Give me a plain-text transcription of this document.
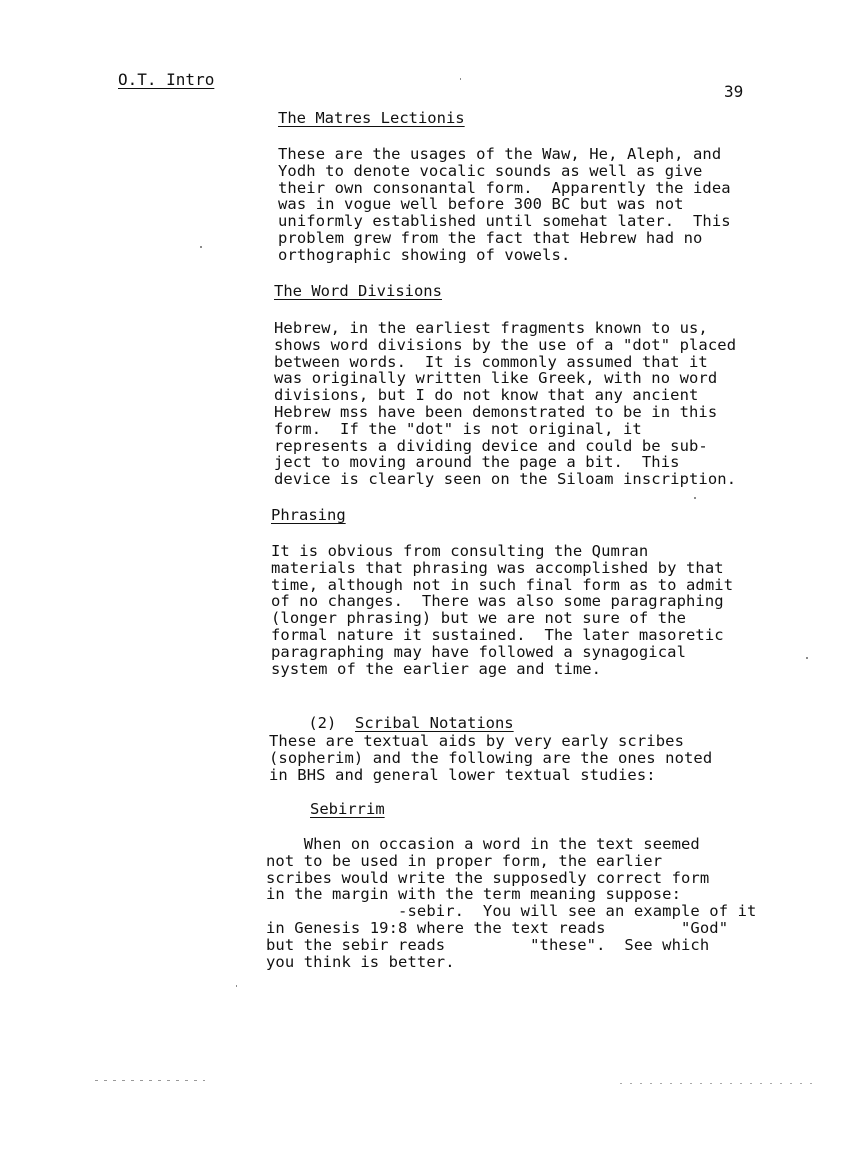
O.T. Intro
39
The Matres Lectionis
These are the usages of the Waw, He, Aleph, and
Yodh to denote vocalic sounds as well as give
their own consonantal form.  Apparently the idea
was in vogue well before 300 BC but was not
uniformly established until somehat later.  This
problem grew from the fact that Hebrew had no
orthographic showing of vowels.
The Word Divisions
Hebrew, in the earliest fragments known to us,
shows word divisions by the use of a "dot" placed
between words.  It is commonly assumed that it
was originally written like Greek, with no word
divisions, but I do not know that any ancient
Hebrew mss have been demonstrated to be in this
form.  If the "dot" is not original, it
represents a dividing device and could be sub-
ject to moving around the page a bit.  This
device is clearly seen on the Siloam inscription.
Phrasing
It is obvious from consulting the Qumran
materials that phrasing was accomplished by that
time, although not in such final form as to admit
of no changes.  There was also some paragraphing
(longer phrasing) but we are not sure of the
formal nature it sustained.  The later masoretic
paragraphing may have followed a synagogical
system of the earlier age and time.

(2) Scribal Notations

These are textual aids by very early scribes
(sopherim) and the following are the ones noted
in BHS and general lower textual studies:
Sebirrim
When on occasion a word in the text seemed
not to be used in proper form, the earlier
scribes would write the supposedly correct form
in the margin with the term meaning suppose:
-sebir.  You will see an example of it
in Genesis 19:8 where the text reads        "God"
but the sebir reads         "these".  See which
you think is better.
